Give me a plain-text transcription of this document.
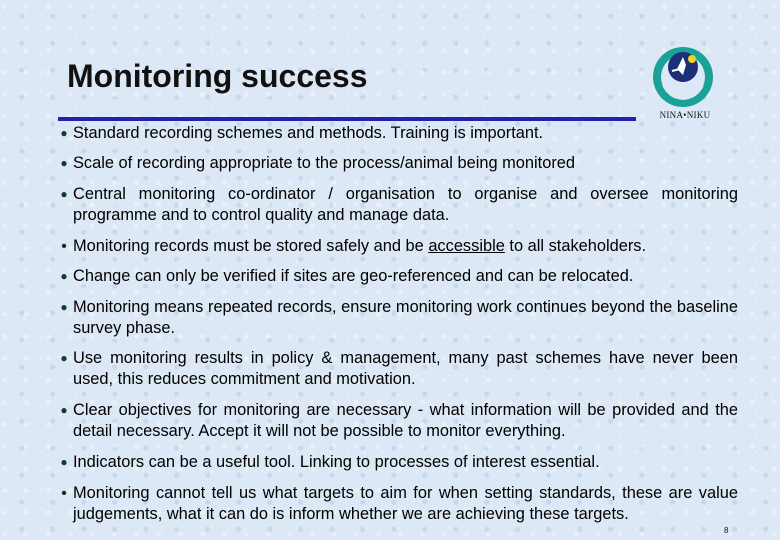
Monitoring success
NINA•NIKU
● Standard recording schemes and methods. Training is important.
● Scale of recording appropriate to the process/animal being monitored
● Central monitoring co-ordinator / organisation to organise and oversee monitoring programme and to control quality and manage data.
• Monitoring records must be stored safely and be accessible to all stakeholders.
● Change can only be verified if sites are geo-referenced and can be relocated.
● Monitoring means repeated records, ensure monitoring work continues beyond the baseline survey phase.
● Use monitoring results in policy & management, many past schemes have never been used, this reduces commitment and motivation.
● Clear objectives for monitoring are necessary - what information will be provided and the detail necessary. Accept it will not be possible to monitor everything.
● Indicators can be a useful tool. Linking to processes of interest essential.
• Monitoring cannot tell us what targets to aim for when setting standards, these are value judgements, what it can do is inform whether we are achieving these targets.
8
